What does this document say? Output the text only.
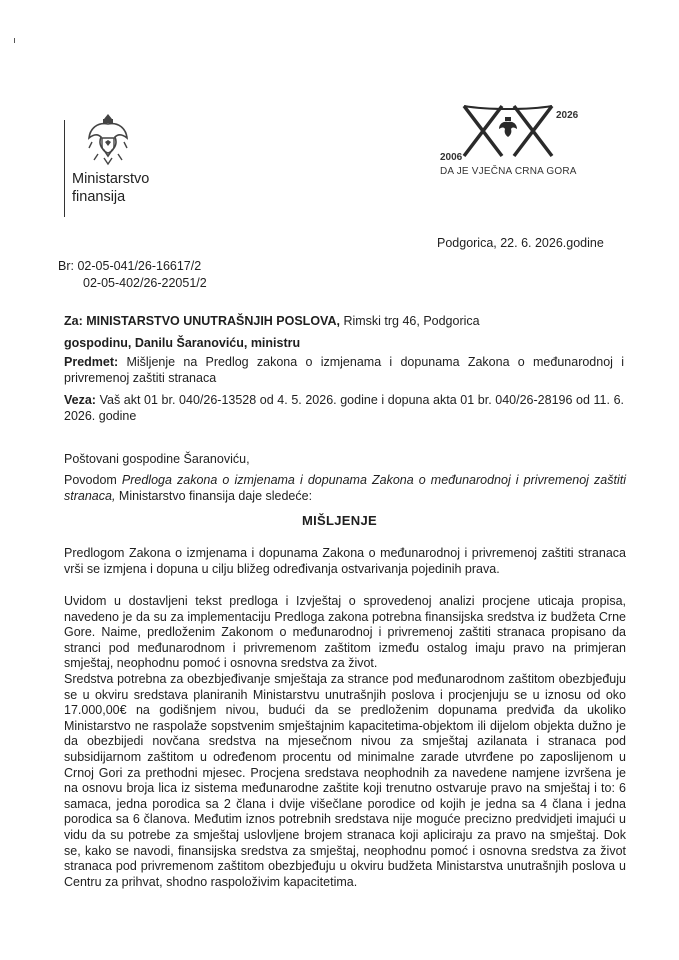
Ministarstvo
finansija
2026
2006
DA JE VJEČNA CRNA GORA
Podgorica, 22. 6. 2026.godine
Br: 02-05-041/26-16617/2
02-05-402/26-22051/2
Za: MINISTARSTVO UNUTRAŠNJIH POSLOVA, Rimski trg 46, Podgorica
gospodinu, Danilu Šaranoviću, ministru
Predmet: Mišljenje na Predlog zakona o izmjenama i dopunama Zakona o međunarodnoj i privremenoj zaštiti stranaca
Veza: Vaš akt 01 br. 040/26-13528 od 4. 5. 2026. godine i dopuna akta 01 br. 040/26-28196 od 11. 6. 2026. godine
Poštovani gospodine Šaranoviću,
Povodom Predloga zakona o izmjenama i dopunama Zakona o međunarodnoj i privremenoj zaštiti stranaca, Ministarstvo finansija daje sledeće:
MIŠLJENJE
Predlogom Zakona o izmjenama i dopunama Zakona o međunarodnoj i privremenoj zaštiti stranaca vrši se izmjena i dopuna u cilju bližeg određivanja ostvarivanja pojedinih prava.
Uvidom u dostavljeni tekst predloga i Izvještaj o sprovedenoj analizi procjene uticaja propisa, navedeno je da su za implementaciju Predloga zakona potrebna finansijska sredstva iz budžeta Crne Gore. Naime, predloženim Zakonom o međunarodnoj i privremenoj zaštiti stranaca propisano da stranci pod međunarodnom i privremenom zaštitom između ostalog imaju pravo na primjeran smještaj, neophodnu pomoć i osnovna sredstva za život.
Sredstva potrebna za obezbjeđivanje smještaja za strance pod međunarodnom zaštitom obezbjeđuju se u okviru sredstava planiranih Ministarstvu unutrašnjih poslova i procjenjuju se u iznosu od oko 17.000,00€ na godišnjem nivou, budući da se predloženim dopunama predviđa da ukoliko Ministarstvo ne raspolaže sopstvenim smještajnim kapacitetima-objektom ili dijelom objekta dužno je da obezbijedi novčana sredstva na mjesečnom nivou za smještaj azilanata i stranaca pod subsidijarnom zaštitom u određenom procentu od minimalne zarade utvrđene po zaposlijenom u Crnoj Gori za prethodni mjesec. Procjena sredstava neophodnih za navedene namjene izvršena je na osnovu broja lica iz sistema međunarodne zaštite koji trenutno ostvaruje pravo na smještaj i to: 6 samaca, jedna porodica sa 2 člana i dvije višečlane porodice od kojih je jedna sa 4 člana i jedna porodica sa 6 članova. Međutim iznos potrebnih sredstava nije moguće precizno predvidjeti imajući u vidu da su potrebe za smještaj uslovljene brojem stranaca koji apliciraju za pravo na smještaj. Dok se, kako se navodi, finansijska sredstva za smještaj, neophodnu pomoć i osnovna sredstva za život stranaca pod privremenom zaštitom obezbjeđuju u okviru budžeta Ministarstva unutrašnjih poslova u Centru za prihvat, shodno raspoloživim kapacitetima.
